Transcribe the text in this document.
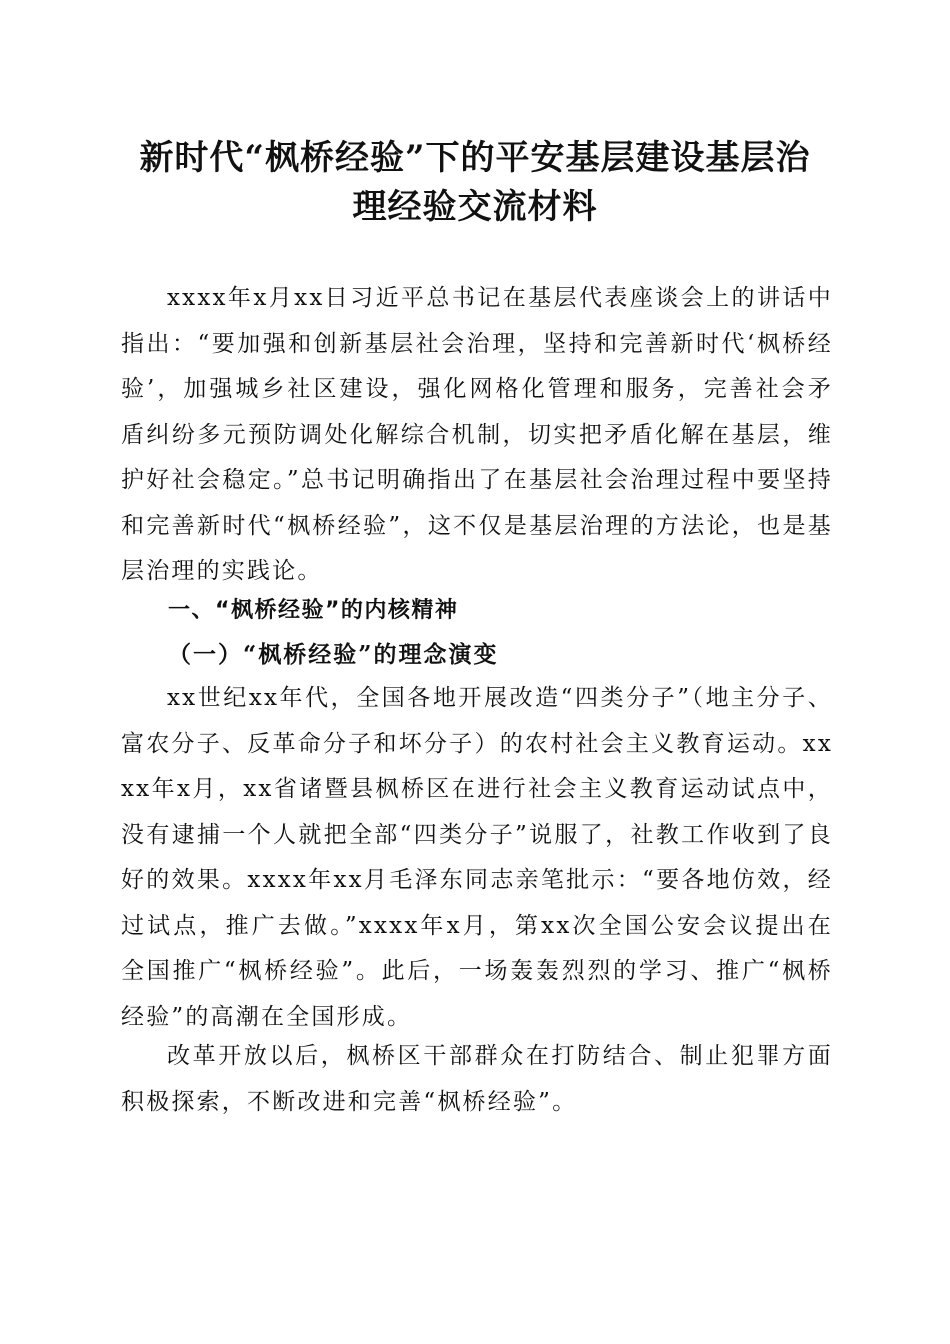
新时代“枫桥经验”下的平安基层建设基层治
理经验交流材料

xxxx年x月xx日习近平总书记在基层代表座谈会上的讲话中指出：“要加强和创新基层社会治理，坚持和完善新时代‘枫桥经验’，加强城乡社区建设，强化网格化管理和服务，完善社会矛盾纠纷多元预防调处化解综合机制，切实把矛盾化解在基层，维护好社会稳定。”总书记明确指出了在基层社会治理过程中要坚持和完善新时代“枫桥经验”，这不仅是基层治理的方法论，也是基层治理的实践论。

一、“枫桥经验”的内核精神
（一）“枫桥经验”的理念演变

xx世纪xx年代，全国各地开展改造“四类分子”（地主分子、富农分子、反革命分子和坏分子）的农村社会主义教育运动。xxxx年x月，xx省诸暨县枫桥区在进行社会主义教育运动试点中，没有逮捕一个人就把全部“四类分子”说服了，社教工作收到了良好的效果。xxxx年xx月毛泽东同志亲笔批示：“要各地仿效，经过试点，推广去做。”xxxx年x月，第xx次全国公安会议提出在全国推广“枫桥经验”。此后，一场轰轰烈烈的学习、推广“枫桥经验”的高潮在全国形成。

改革开放以后，枫桥区干部群众在打防结合、制止犯罪方面积极探索，不断改进和完善“枫桥经验”。
